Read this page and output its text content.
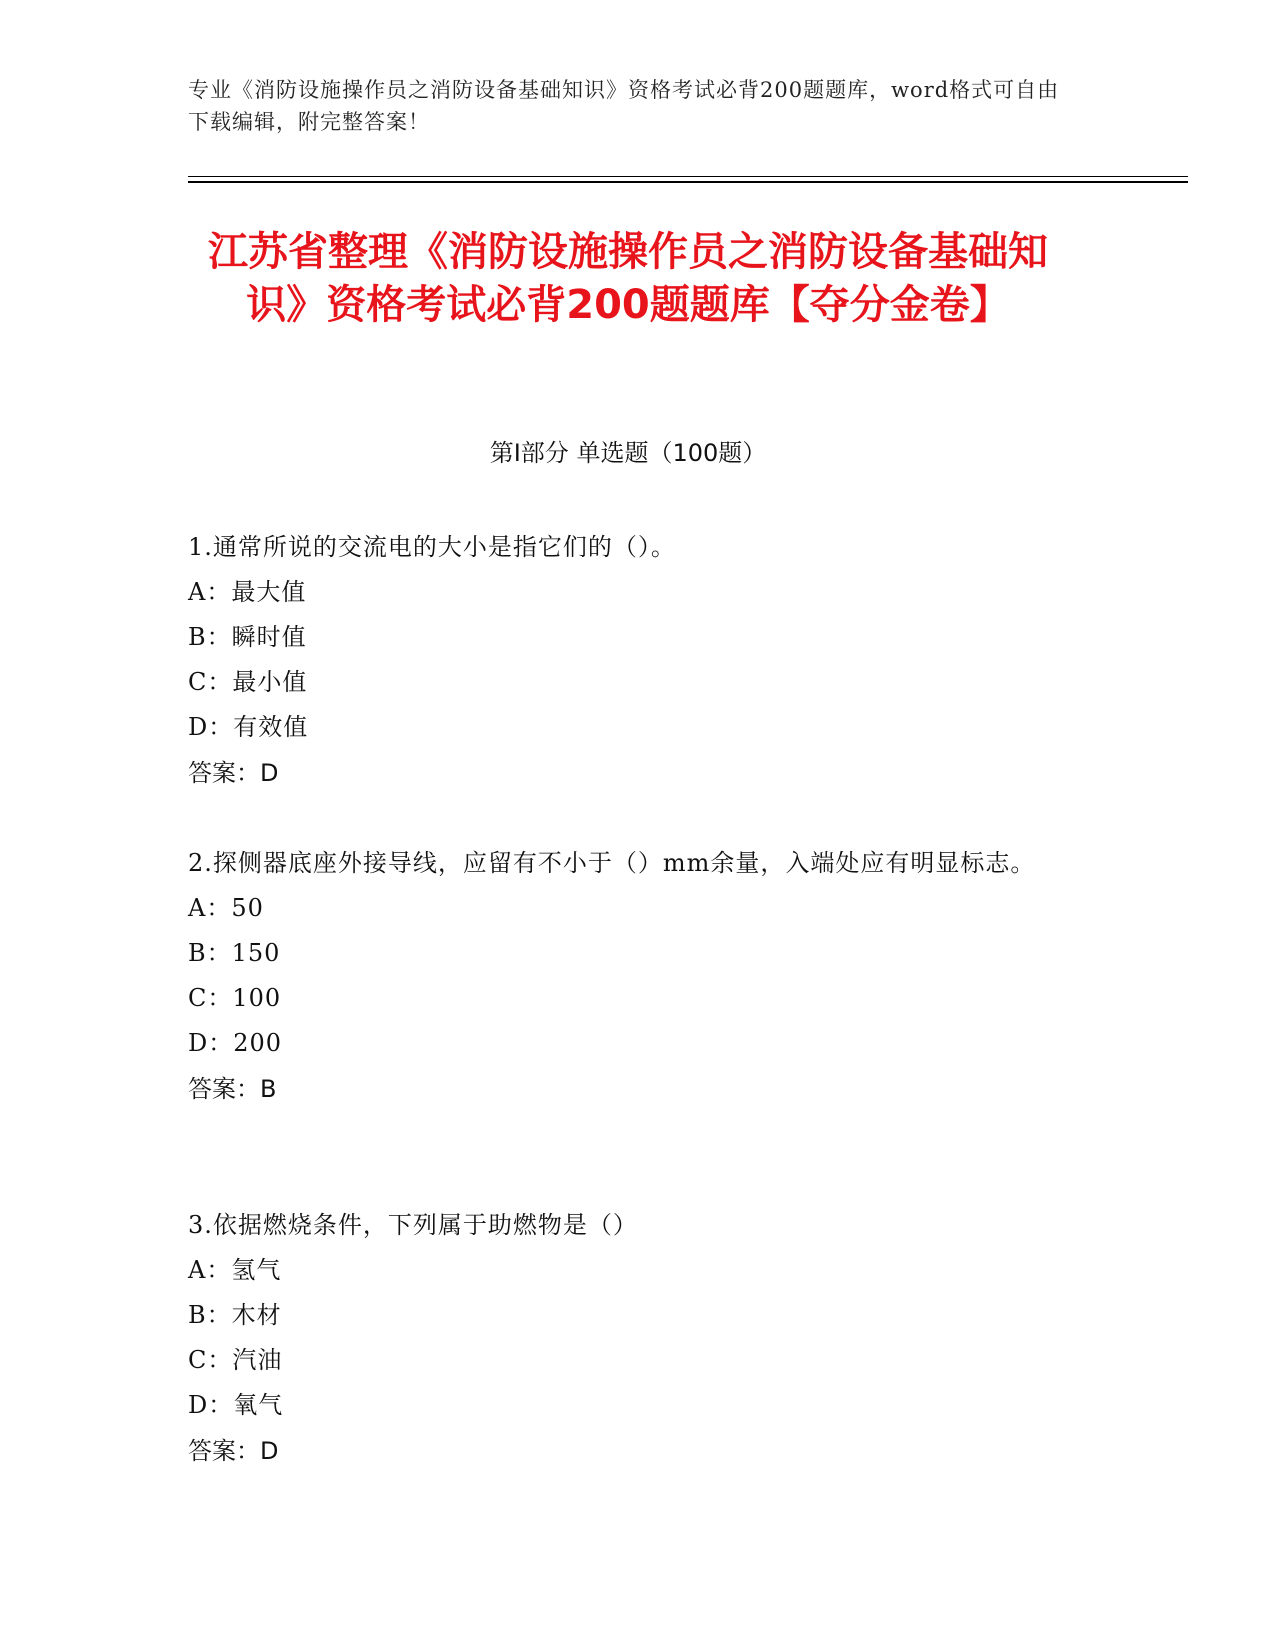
专业《消防设施操作员之消防设备基础知识》资格考试必背200题题库，word格式可自由下载编辑，附完整答案！
江苏省整理《消防设施操作员之消防设备基础知识》资格考试必背200题题库【夺分金卷】
第I部分 单选题（100题）

1.通常所说的交流电的大小是指它们的（）。

A：最大值

B：瞬时值

C：最小值

D：有效值

答案：D

2.探侧器底座外接导线，应留有不小于（）mm余量，入端处应有明显标志。

A：50

B：150

C：100

D：200

答案：B

3.依据燃烧条件，下列属于助燃物是（）

A：氢气

B：木材

C：汽油

D：氧气

答案：D
